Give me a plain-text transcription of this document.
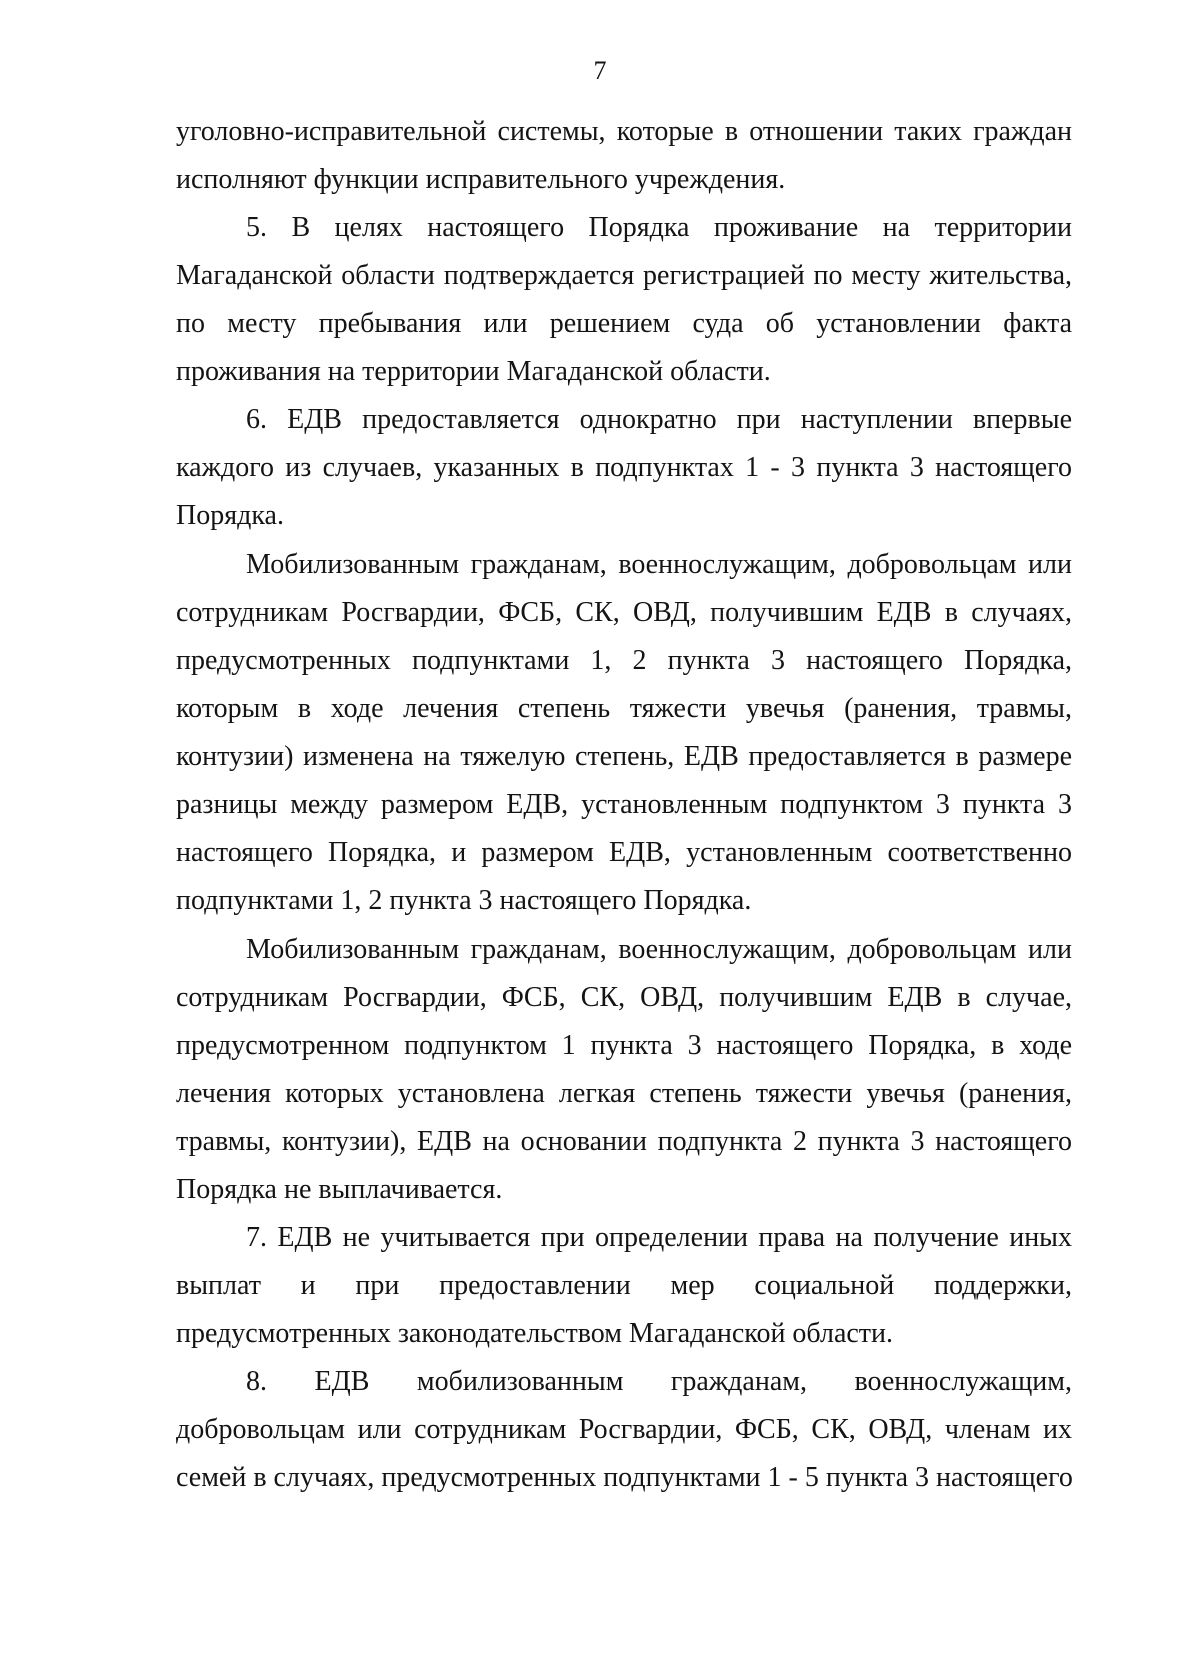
7
уголовно-исправительной системы, которые в отношении таких граждан
исполняют функции исправительного учреждения.
5. В целях настоящего Порядка проживание на территории
Магаданской области подтверждается регистрацией по месту жительства,
по месту пребывания или решением суда об установлении факта
проживания на территории Магаданской области.
6. ЕДВ предоставляется однократно при наступлении впервые
каждого из случаев, указанных в подпунктах 1 - 3 пункта 3 настоящего
Порядка.
Мобилизованным гражданам, военнослужащим, добровольцам или
сотрудникам Росгвардии, ФСБ, СК, ОВД, получившим ЕДВ в случаях,
предусмотренных подпунктами 1, 2 пункта 3 настоящего Порядка,
которым в ходе лечения степень тяжести увечья (ранения, травмы,
контузии) изменена на тяжелую степень, ЕДВ предоставляется в размере
разницы между размером ЕДВ, установленным подпунктом 3 пункта 3
настоящего Порядка, и размером ЕДВ, установленным соответственно
подпунктами 1, 2 пункта 3 настоящего Порядка.
Мобилизованным гражданам, военнослужащим, добровольцам или
сотрудникам Росгвардии, ФСБ, СК, ОВД, получившим ЕДВ в случае,
предусмотренном подпунктом 1 пункта 3 настоящего Порядка, в ходе
лечения которых установлена легкая степень тяжести увечья (ранения,
травмы, контузии), ЕДВ на основании подпункта 2 пункта 3 настоящего
Порядка не выплачивается.
7. ЕДВ не учитывается при определении права на получение иных
выплат и при предоставлении мер социальной поддержки,
предусмотренных законодательством Магаданской области.
8. ЕДВ мобилизованным гражданам, военнослужащим,
добровольцам или сотрудникам Росгвардии, ФСБ, СК, ОВД, членам их
семей в случаях, предусмотренных подпунктами 1 - 5 пункта 3 настоящего
